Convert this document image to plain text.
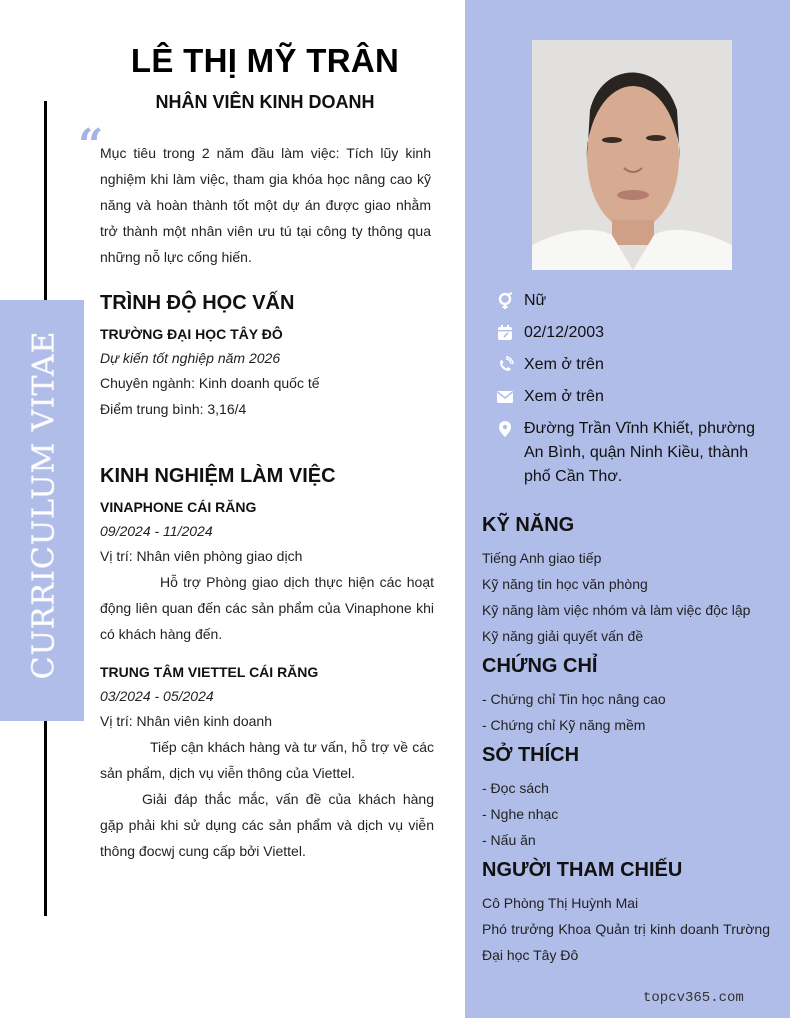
CURRICULUM VITAE
LÊ THỊ MỸ TRÂN
NHÂN VIÊN KINH DOANH
“

Mục tiêu trong 2 năm đầu làm việc: Tích lũy kinh nghiệm khi làm việc, tham gia khóa học nâng cao kỹ năng và hoàn thành tốt một dự án được giao nhằm trở thành một nhân viên ưu tú tại công ty thông qua những nỗ lực cống hiến.

TRÌNH ĐỘ HỌC VẤN
TRƯỜNG ĐẠI HỌC TÂY ĐÔ
Dự kiến tốt nghiệp năm 2026
Chuyên ngành: Kinh doanh quốc tế
Điểm trung bình: 3,16/4
KINH NGHIỆM LÀM VIỆC
VINAPHONE CÁI RĂNG
09/2024 - 11/2024
Vị trí: Nhân viên phòng giao dịch

Hỗ trợ Phòng giao dịch thực hiện các hoạt động liên quan đến các sản phẩm của Vinaphone khi có khách hàng đến.

TRUNG TÂM VIETTEL CÁI RĂNG
03/2024 - 05/2024
Vị trí: Nhân viên kinh doanh

Tiếp cận khách hàng và tư vấn, hỗ trợ về các sản phẩm, dịch vụ viễn thông của Viettel.

Giải đáp thắc mắc, vấn đề của khách hàng gặp phải khi sử dụng các sản phẩm và dịch vụ viễn thông đocwj cung cấp bởi Viettel.

Nữ
02/12/2003
Xem ở trên
Xem ở trên
Đường Trần Vĩnh Khiết, phường An Bình, quận Ninh Kiều, thành phố Cần Thơ.
KỸ NĂNG
Tiếng Anh giao tiếp
Kỹ năng tin học văn phòng
Kỹ năng làm việc nhóm và làm việc độc lập
Kỹ năng giải quyết vấn đề
CHỨNG CHỈ
- Chứng chỉ Tin học nâng cao
- Chứng chỉ Kỹ năng mềm
SỞ THÍCH
- Đọc sách
- Nghe nhạc
- Nấu ăn
NGƯỜI THAM CHIẾU
Cô Phòng Thị Huỳnh Mai

Phó trưởng Khoa Quản trị kinh doanh Trường Đại học Tây Đô

topcv365.com
